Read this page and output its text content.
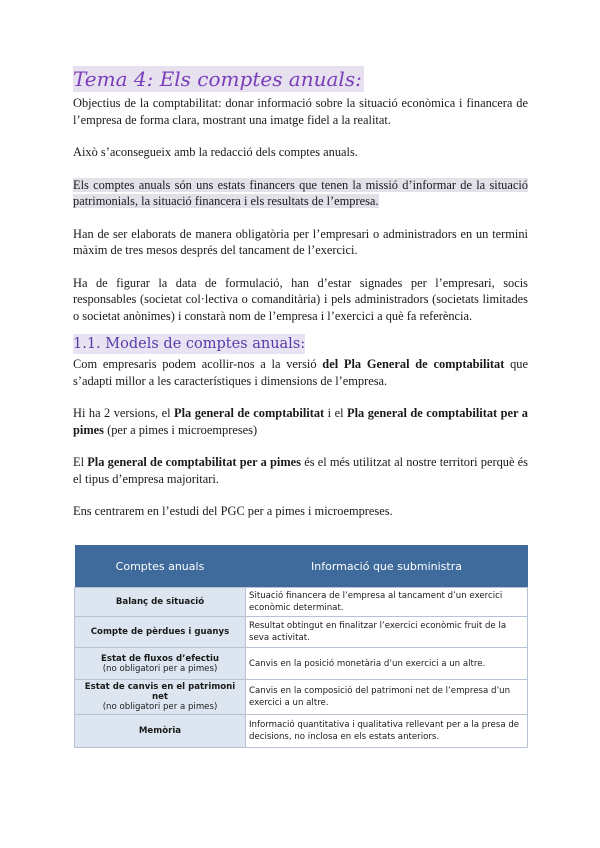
Tema 4: Els comptes anuals:

Objectius de la comptabilitat: donar informació sobre la situació econòmica i financera de l’empresa de forma clara, mostrant una imatge fidel a la realitat.

Això s’aconsegueix amb la redacció dels comptes anuals.

Els comptes anuals són uns estats financers que tenen la missió d’informar de la situació patrimonials, la situació financera i els resultats de l’empresa.

Han de ser elaborats de manera obligatòria per l’empresari o administradors en un termini màxim de tres mesos després del tancament de l’exercici.

Ha de figurar la data de formulació, han d’estar signades per l’empresari, socis responsables (societat col·lectiva o comanditària) i pels administradors (societats limitades o societat anònimes) i constarà nom de l’empresa i l’exercici a què fa referència.

1.1. Models de comptes anuals:

Com empresaris podem acollir-nos a la versió del Pla General de comptabilitat que s’adapti millor a les característiques i dimensions de l’empresa.

Hi ha 2 versions, el Pla general de comptabilitat i el Pla general de comptabilitat per a pimes (per a pimes i microempreses)

El Pla general de comptabilitat per a pimes és el més utilitzat al nostre territori perquè és el tipus d’empresa majoritari.

Ens centrarem en l’estudi del PGC per a pimes i microempreses.

Comptes anuals	Informació que subministra
Balanç de situació	Situació financera de l’empresa al tancament d’un exercici econòmic determinat.
Compte de pèrdues i guanys	Resultat obtingut en finalitzar l’exercici econòmic fruit de la seva activitat.
Estat de fluxos d’efectiu
(no obligatori per a pimes)	Canvis en la posició monetària d’un exercici a un altre.
Estat de canvis en el patrimoni net
(no obligatori per a pimes)	Canvis en la composició del patrimoni net de l’empresa d’un exercici a un altre.
Memòria	Informació quantitativa i qualitativa rellevant per a la presa de decisions, no inclosa en els estats anteriors.
